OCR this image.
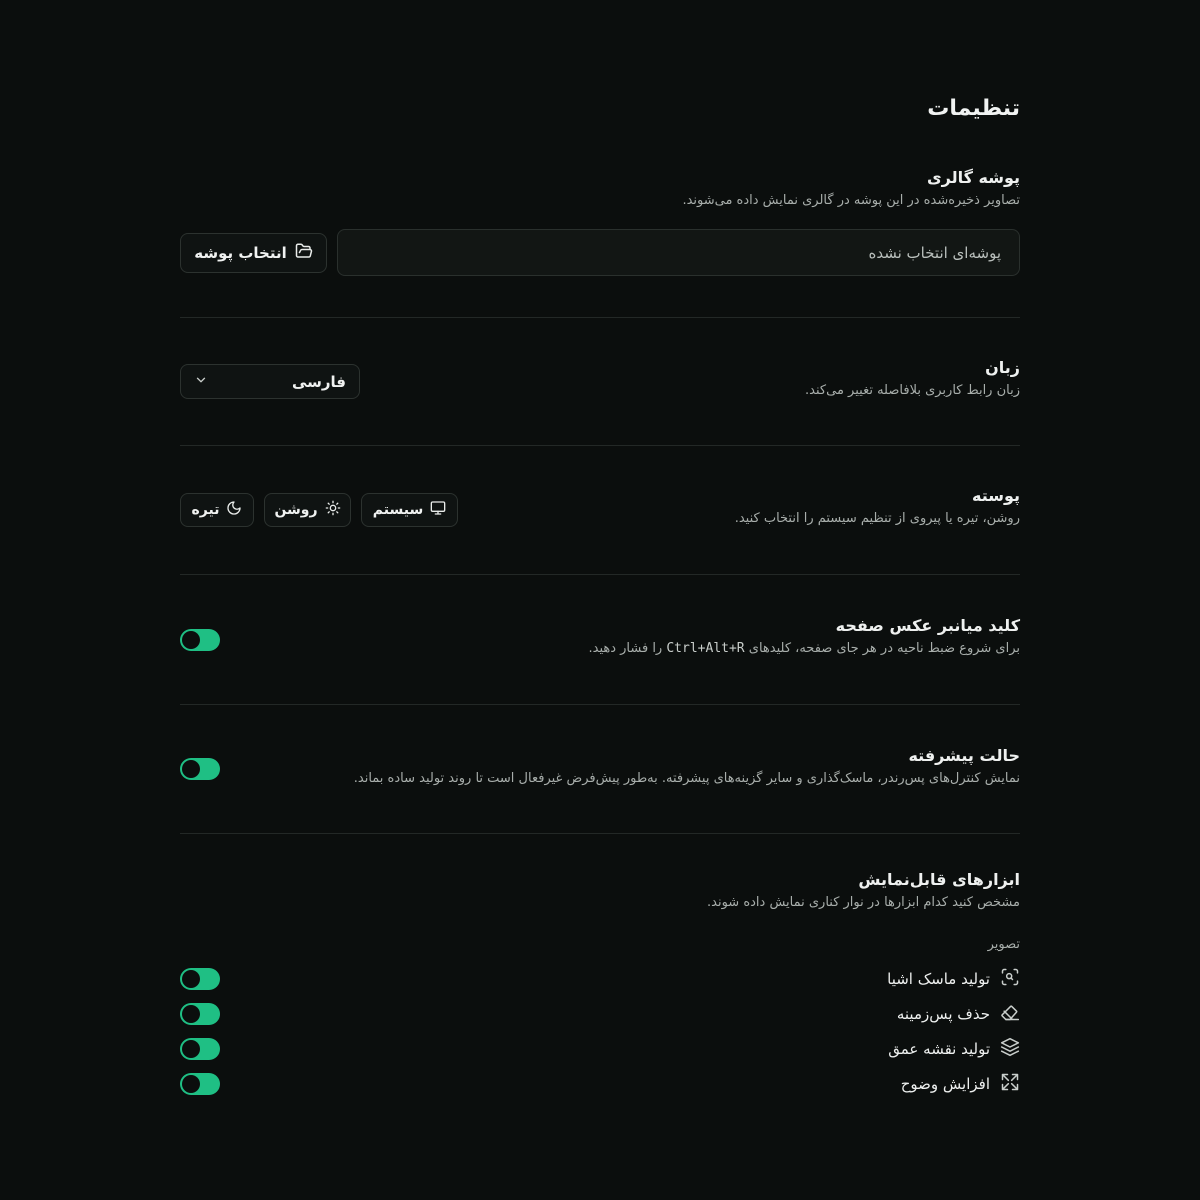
تنظیمات
پوشه گالری
تصاویر ذخیره‌شده در این پوشه در گالری نمایش داده می‌شوند.
پوشه‌ای انتخاب نشده
انتخاب پوشه
زبان
زبان رابط کاربری بلافاصله تغییر می‌کند.
فارسی
پوسته
روشن، تیره یا پیروی از تنظیم سیستم را انتخاب کنید.
سیستم
روشن
تیره
کلید میانبر عکس صفحه
برای شروع ضبط ناحیه در هر جای صفحه، کلیدهای Ctrl+Alt+R را فشار دهید.
حالت پیشرفته
نمایش کنترل‌های پس‌رندر، ماسک‌گذاری و سایر گزینه‌های پیشرفته. به‌طور پیش‌فرض غیرفعال است تا روند تولید ساده بماند.
ابزارهای قابل‌نمایش
مشخص کنید کدام ابزارها در نوار کناری نمایش داده شوند.
تصویر
تولید ماسک اشیا
حذف پس‌زمینه
تولید نقشه عمق
افزایش وضوح
